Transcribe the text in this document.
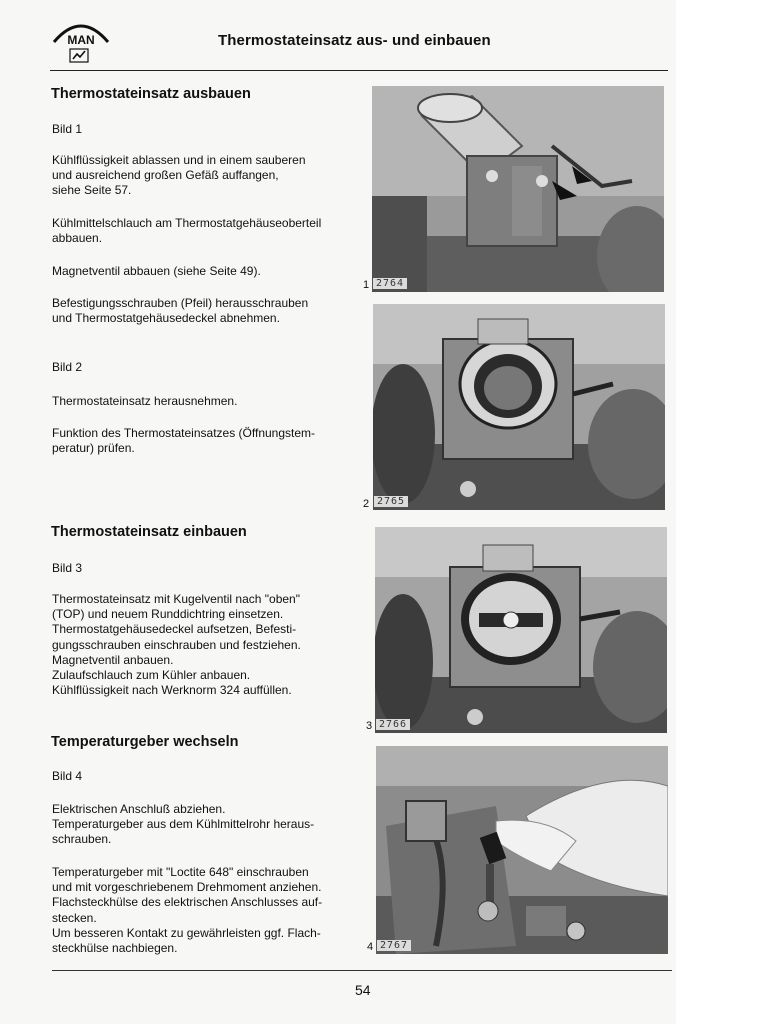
MAN	Thermostateinsatz aus- und einbauen
Thermostateinsatz ausbauen
Bild 1
Kühlflüssigkeit ablassen und in einem sauberen
und ausreichend großen Gefäß auffangen,
siehe Seite 57.
Kühlmittelschlauch am Thermostatgehäuseoberteil
abbauen.
Magnetventil abbauen (siehe Seite 49).
Befestigungsschrauben (Pfeil) herausschrauben
und Thermostatgehäusedeckel abnehmen.
Bild 2
Thermostateinsatz herausnehmen.
Funktion des Thermostateinsatzes (Öffnungstem-
peratur) prüfen.
Thermostateinsatz einbauen
Bild 3
Thermostateinsatz mit Kugelventil nach "oben"
(TOP) und neuem Runddichtring einsetzen.
Thermostatgehäusedeckel aufsetzen, Befesti-
gungsschrauben einschrauben und festziehen.
Magnetventil anbauen.
Zulaufschlauch zum Kühler anbauen.
Kühlflüssigkeit nach Werknorm 324 auffüllen.
Temperaturgeber wechseln
Bild 4
Elektrischen Anschluß abziehen.
Temperaturgeber aus dem Kühlmittelrohr heraus-
schrauben.
Temperaturgeber mit "Loctite 648" einschrauben
und mit vorgeschriebenem Drehmoment anziehen.
Flachsteckhülse des elektrischen Anschlusses auf-
stecken.
Um besseren Kontakt zu gewährleisten ggf. Flach-
steckhülse nachbiegen.
1 2764
2 2765
3 2766
4 2767
54
